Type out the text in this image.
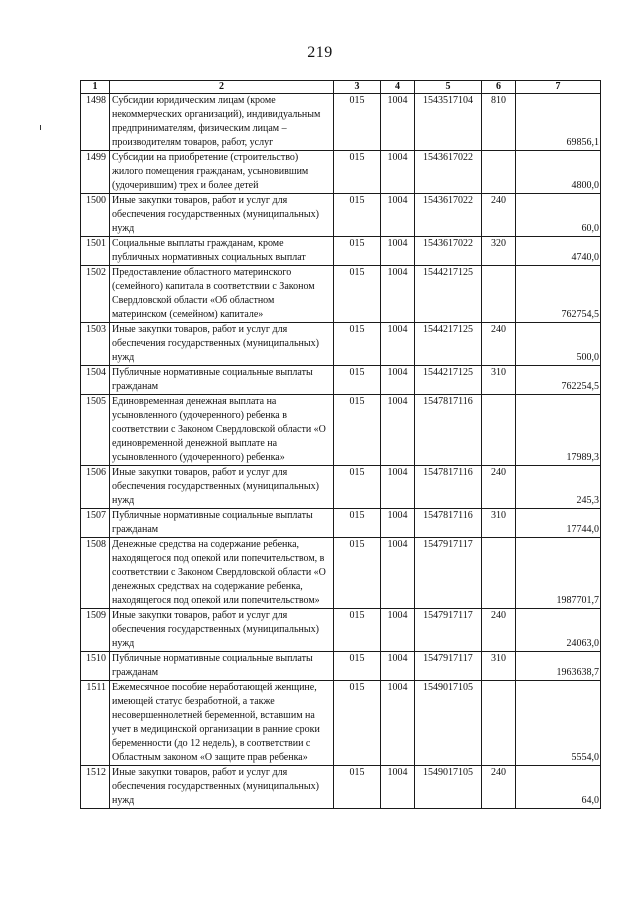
219
1	2	3	4	5	6	7
1498	Субсидии юридическим лицам (кроме некоммерческих организаций), индивидуальным предпринимателям, физическим лицам – производителям товаров, работ, услуг	015	1004	1543517104	810	69856,1
1499	Субсидии на приобретение (строительство) жилого помещения гражданам, усыновившим (удочерившим) трех и более детей	015	1004	1543617022		4800,0
1500	Иные закупки товаров, работ и услуг для обеспечения государственных (муниципальных) нужд	015	1004	1543617022	240	60,0
1501	Социальные выплаты гражданам, кроме публичных нормативных социальных выплат	015	1004	1543617022	320	4740,0
1502	Предоставление областного материнского (семейного) капитала в соответствии с Законом Свердловской области «Об областном материнском (семейном) капитале»	015	1004	1544217125		762754,5
1503	Иные закупки товаров, работ и услуг для обеспечения государственных (муниципальных) нужд	015	1004	1544217125	240	500,0
1504	Публичные нормативные социальные выплаты гражданам	015	1004	1544217125	310	762254,5
1505	Единовременная денежная выплата на усыновленного (удочеренного) ребенка в соответствии с Законом Свердловской области «О единовременной денежной выплате на усыновленного (удочеренного) ребенка»	015	1004	1547817116		17989,3
1506	Иные закупки товаров, работ и услуг для обеспечения государственных (муниципальных) нужд	015	1004	1547817116	240	245,3
1507	Публичные нормативные социальные выплаты гражданам	015	1004	1547817116	310	17744,0
1508	Денежные средства на содержание ребенка, находящегося под опекой или попечительством, в соответствии с Законом Свердловской области «О денежных средствах на содержание ребенка, находящегося под опекой или попечительством»	015	1004	1547917117		1987701,7
1509	Иные закупки товаров, работ и услуг для обеспечения государственных (муниципальных) нужд	015	1004	1547917117	240	24063,0
1510	Публичные нормативные социальные выплаты гражданам	015	1004	1547917117	310	1963638,7
1511	Ежемесячное пособие неработающей женщине, имеющей статус безработной, а также несовершеннолетней беременной, вставшим на учет в медицинской организации в ранние сроки беременности (до 12 недель), в соответствии с Областным законом «О защите прав ребенка»	015	1004	1549017105		5554,0
1512	Иные закупки товаров, работ и услуг для обеспечения государственных (муниципальных) нужд	015	1004	1549017105	240	64,0
